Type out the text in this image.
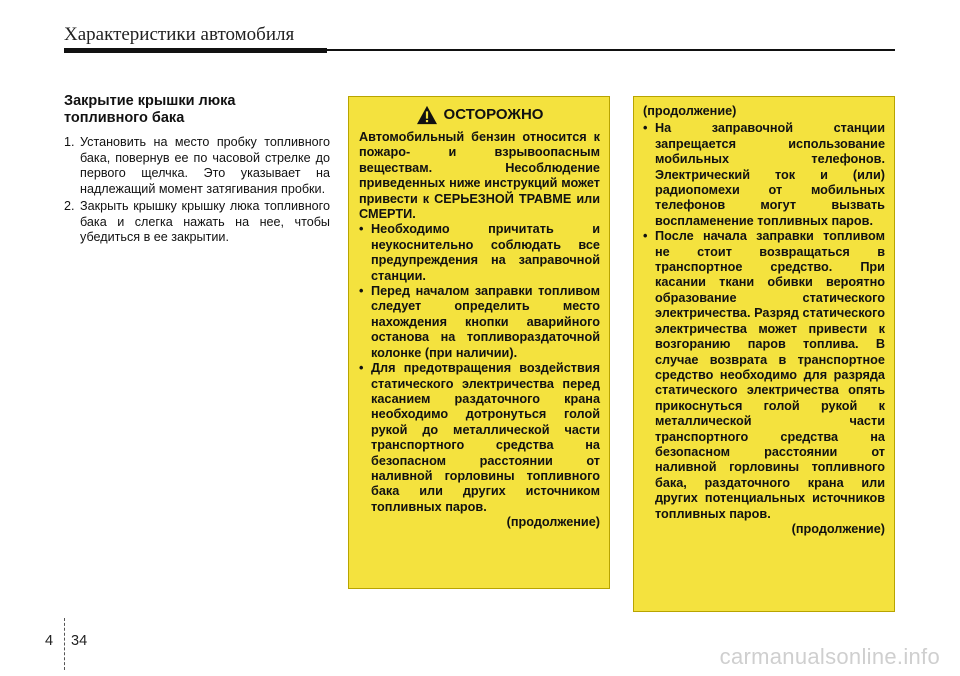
Характеристики автомобиля
Закрытие крышки люка
топливного бака
1. Установить на место пробку топливного бака, повернув ее по часовой стрелке до первого щелчка. Это указывает на надлежащий момент затягивания пробки.
2. Закрыть крышку крышку люка топливного бака и слегка нажать на нее, чтобы убедиться в ее закрытии.
ОСТОРОЖНО
Автомобильный бензин относится к пожаро- и взрывоопасным веществам. Несоблюдение приведенных ниже инструкций может привести к СЕРЬЕЗНОЙ ТРАВМЕ или СМЕРТИ.
• Необходимо причитать и неукоснительно соблюдать все предупреждения на заправочной станции.
• Перед началом заправки топливом следует определить место нахождения кнопки аварийного останова на топливораздаточной колонке (при наличии).
• Для предотвращения воздействия статического электричества перед касанием раздаточного крана необходимо дотронуться голой рукой до металлической части транспортного средства на безопасном расстоянии от наливной горловины топливного бака или других источником топливных паров.
(продолжение)
(продолжение)
• На заправочной станции запрещается использование мобильных телефонов. Электрический ток и (или) радиопомехи от мобильных телефонов могут вызвать воспламенение топливных паров.
• После начала заправки топливом не стоит возвращаться в транспортное средство. При касании ткани обивки вероятно образование статического электричества. Разряд статического электричества может привести к возгоранию паров топлива. В случае возврата в транспортное средство необходимо для разряда статического электричества опять прикоснуться голой рукой к металлической части транспортного средства на безопасном расстоянии от наливной горловины топливного бака, раздаточного крана или других потенциальных источников топливных паров.
(продолжение)
4 34
carmanualsonline.info
